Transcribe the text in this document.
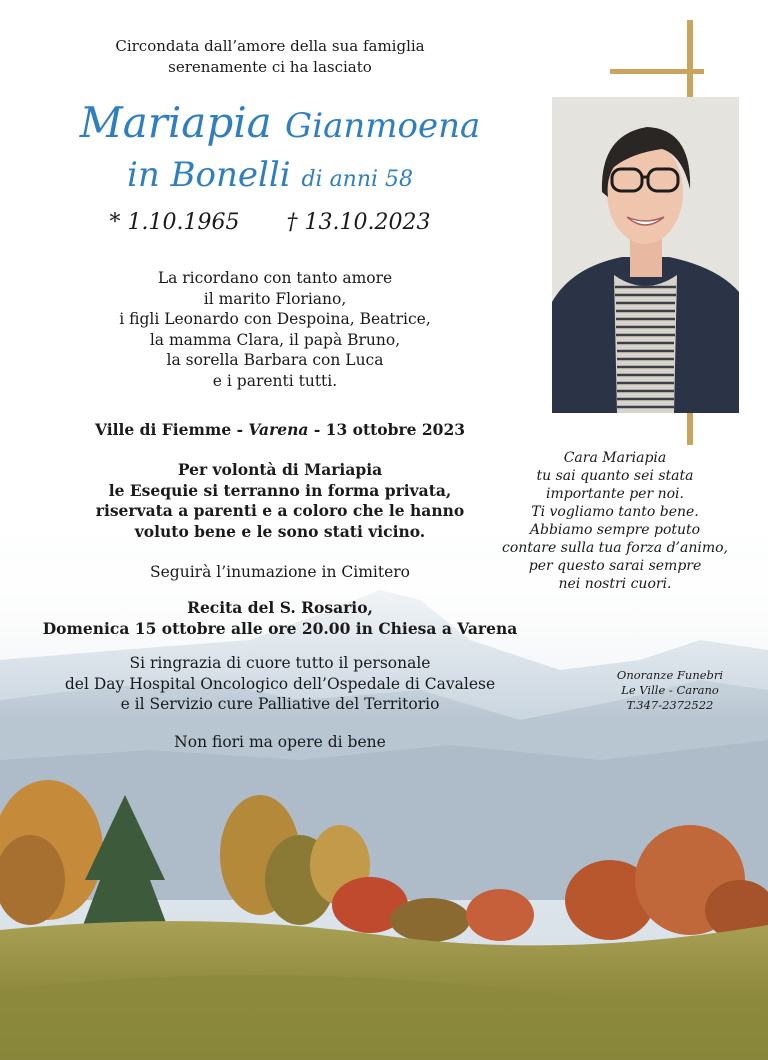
Circondata dall’amore della sua famiglia
serenamente ci ha lasciato
Mariapia Gianmoena
in Bonelli di anni 58
* 1.10.1965 † 13.10.2023
La ricordano con tanto amore
il marito Floriano,
i figli Leonardo con Despoina, Beatrice,
la mamma Clara, il papà Bruno,
la sorella Barbara con Luca
e i parenti tutti.
Ville di Fiemme - Varena - 13 ottobre 2023
Per volontà di Mariapia
le Esequie si terranno in forma privata,
riservata a parenti e a coloro che le hanno
voluto bene e le sono stati vicino.
Seguirà l’inumazione in Cimitero
Recita del S. Rosario,
Domenica 15 ottobre alle ore 20.00 in Chiesa a Varena
Si ringrazia di cuore tutto il personale
del Day Hospital Oncologico dell’Ospedale di Cavalese
e il Servizio cure Palliative del Territorio
Non fiori ma opere di bene
Cara Mariapia
tu sai quanto sei stata
importante per noi.
Ti vogliamo tanto bene.
Abbiamo sempre potuto
contare sulla tua forza d’animo,
per questo sarai sempre
nei nostri cuori.
Onoranze Funebri
Le Ville - Carano
T.347-2372522
